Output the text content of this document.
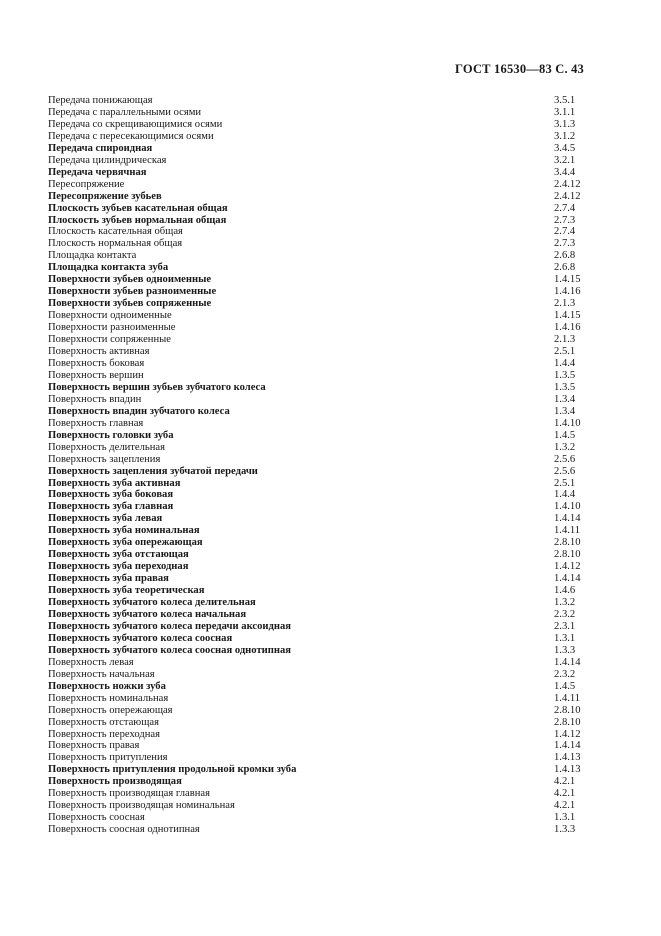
ГОСТ 16530—83 С. 43
Передача понижающая	3.5.1
Передача с параллельными осями	3.1.1
Передача со скрещивающимися осями	3.1.3
Передача с пересекающимися осями	3.1.2
Передача спироидная	3.4.5
Передача цилиндрическая	3.2.1
Передача червячная	3.4.4
Пересопряжение	2.4.12
Пересопряжение зубьев	2.4.12
Плоскость зубьев касательная общая	2.7.4
Плоскость зубьев нормальная общая	2.7.3
Плоскость касательная общая	2.7.4
Плоскость нормальная общая	2.7.3
Площадка контакта	2.6.8
Площадка контакта зуба	2.6.8
Поверхности зубьев одноименные	1.4.15
Поверхности зубьев разноименные	1.4.16
Поверхности зубьев сопряженные	2.1.3
Поверхности одноименные	1.4.15
Поверхности разноименные	1.4.16
Поверхности сопряженные	2.1.3
Поверхность активная	2.5.1
Поверхность боковая	1.4.4
Поверхность вершин	1.3.5
Поверхность вершин зубьев зубчатого колеса	1.3.5
Поверхность впадин	1.3.4
Поверхность впадин зубчатого колеса	1.3.4
Поверхность главная	1.4.10
Поверхность головки зуба	1.4.5
Поверхность делительная	1.3.2
Поверхность зацепления	2.5.6
Поверхность зацепления зубчатой передачи	2.5.6
Поверхность зуба активная	2.5.1
Поверхность зуба боковая	1.4.4
Поверхность зуба главная	1.4.10
Поверхность зуба левая	1.4.14
Поверхность зуба номинальная	1.4.11
Поверхность зуба опережающая	2.8.10
Поверхность зуба отстающая	2.8.10
Поверхность зуба переходная	1.4.12
Поверхность зуба правая	1.4.14
Поверхность зуба теоретическая	1.4.6
Поверхность зубчатого колеса делительная	1.3.2
Поверхность зубчатого колеса начальная	2.3.2
Поверхность зубчатого колеса передачи аксоидная	2.3.1
Поверхность зубчатого колеса соосная	1.3.1
Поверхность зубчатого колеса соосная однотипная	1.3.3
Поверхность левая	1.4.14
Поверхность начальная	2.3.2
Поверхность ножки зуба	1.4.5
Поверхность номинальная	1.4.11
Поверхность опережающая	2.8.10
Поверхность отстающая	2.8.10
Поверхность переходная	1.4.12
Поверхность правая	1.4.14
Поверхность притупления	1.4.13
Поверхность притупления продольной кромки зуба	1.4.13
Поверхность производящая	4.2.1
Поверхность производящая главная	4.2.1
Поверхность производящая номинальная	4.2.1
Поверхность соосная	1.3.1
Поверхность соосная однотипная	1.3.3
